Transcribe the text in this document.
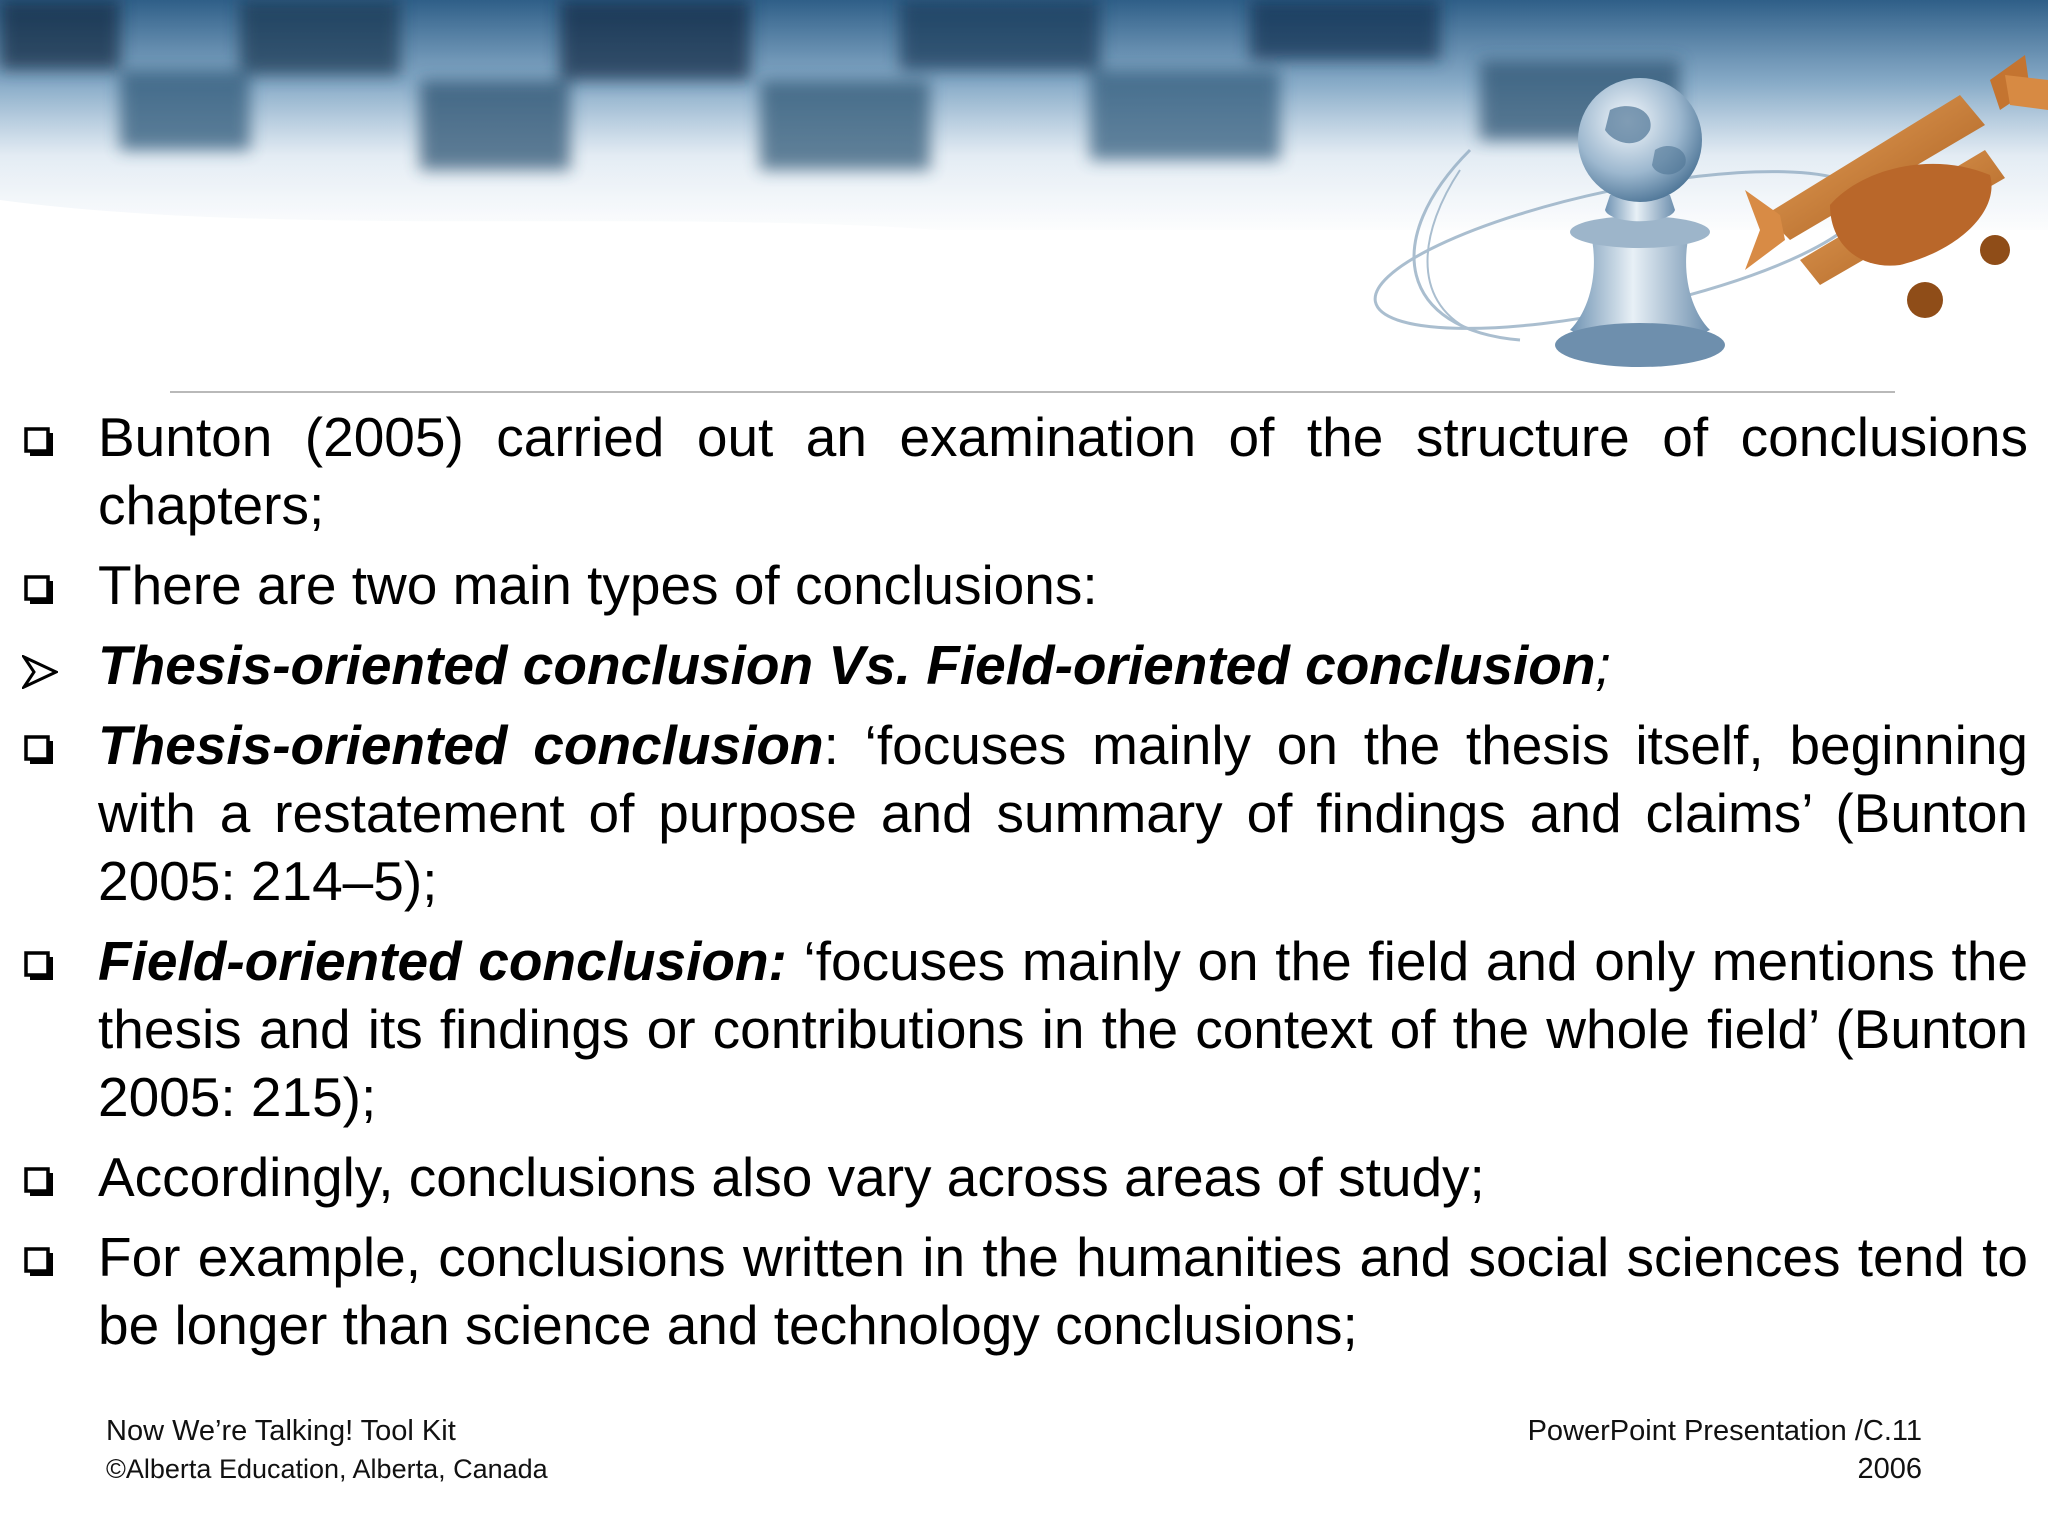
Bunton (2005) carried out an examination of the structure of conclusions chapters;
There are two main types of conclusions:
Thesis-oriented conclusion Vs. Field-oriented conclusion;
Thesis-oriented conclusion: ‘focuses mainly on the thesis itself, beginning with a restatement of purpose and summary of findings and claims’ (Bunton 2005: 214–5);
Field-oriented conclusion: ‘focuses mainly on the field and only mentions the thesis and its findings or contributions in the context of the whole field’ (Bunton 2005: 215);
Accordingly, conclusions also vary across areas of study;
For example, conclusions written in the humanities and social sciences tend to be longer than science and technology conclusions;
Now We’re Talking! Tool Kit
©Alberta Education, Alberta, Canada
PowerPoint Presentation /C.11
2006
